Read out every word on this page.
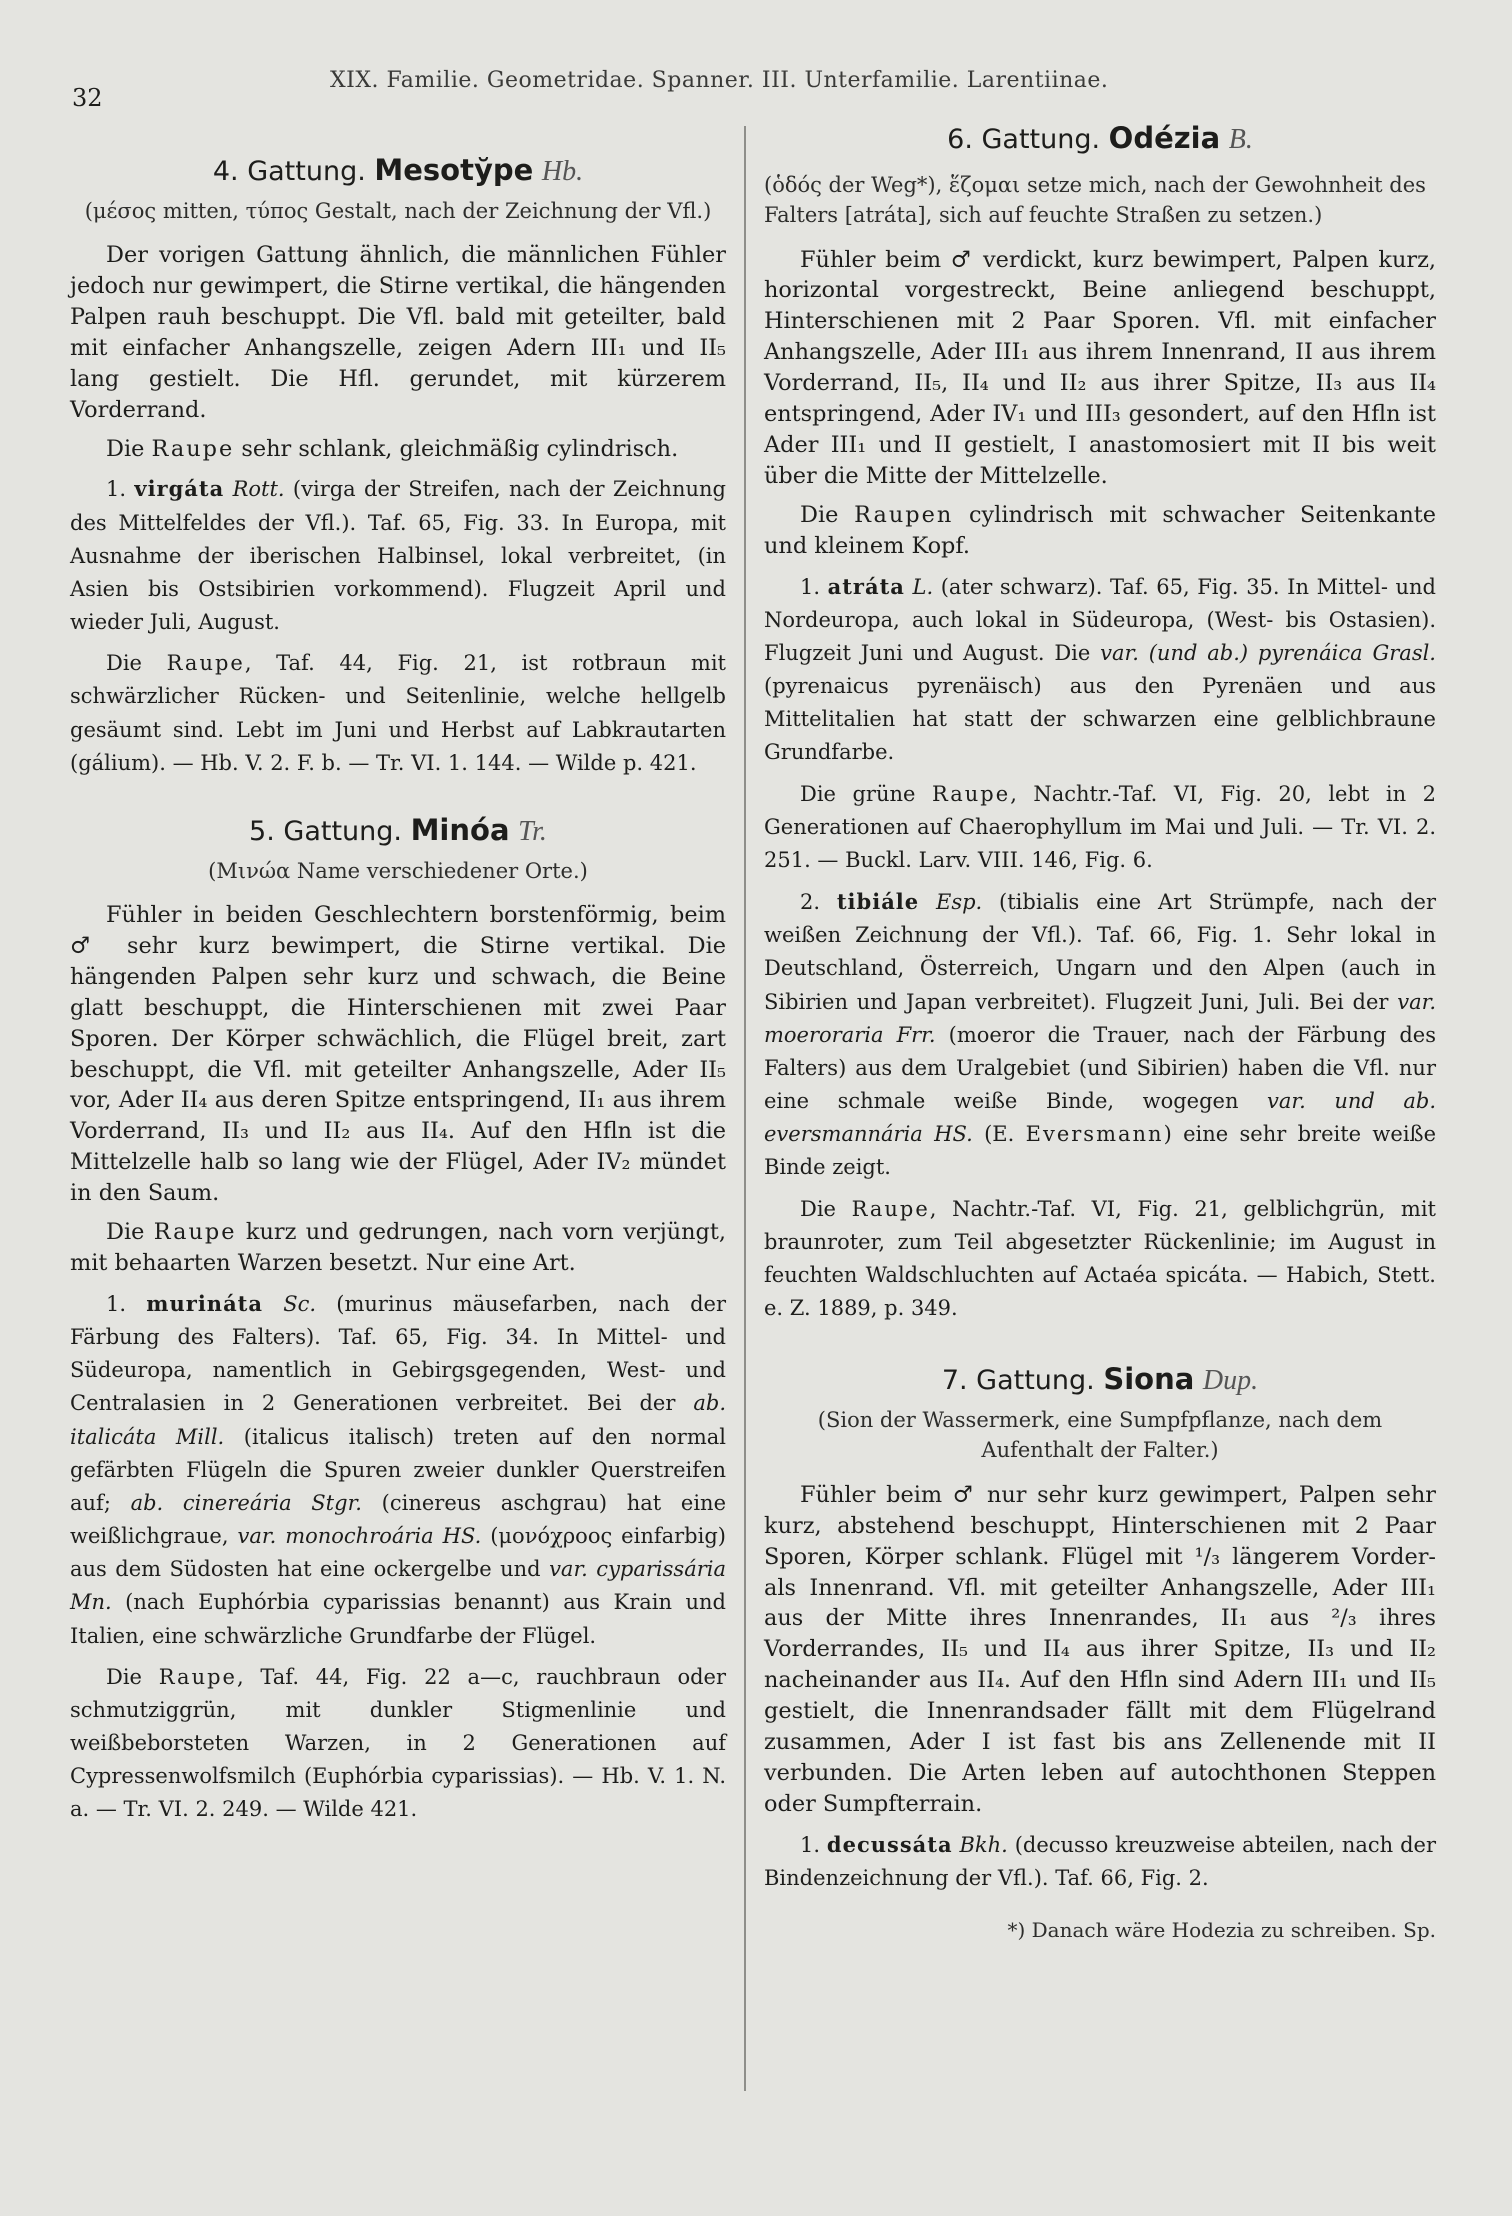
32
XIX. Familie. Geometridae. Spanner. III. Unterfamilie. Larentiinae.
4. Gattung. Mesotўpe Hb.
(μέσος mitten, τύπος Gestalt, nach der Zeichnung der Vfl.)

Der vorigen Gattung ähnlich, die männlichen Fühler jedoch nur gewimpert, die Stirne vertikal, die hängenden Palpen rauh beschuppt. Die Vfl. bald mit geteilter, bald mit einfacher Anhangszelle, zeigen Adern III₁ und II₅ lang gestielt. Die Hfl. gerundet, mit kürzerem Vorderrand.

Die Raupe sehr schlank, gleichmäßig cylindrisch.

1. virgáta Rott. (virga der Streifen, nach der Zeichnung des Mittelfeldes der Vfl.). Taf. 65, Fig. 33. In Europa, mit Ausnahme der iberischen Halbinsel, lokal verbreitet, (in Asien bis Ostsibirien vorkommend). Flugzeit April und wieder Juli, August.

Die Raupe, Taf. 44, Fig. 21, ist rotbraun mit schwärzlicher Rücken- und Seitenlinie, welche hellgelb gesäumt sind. Lebt im Juni und Herbst auf Labkrautarten (gálium). — Hb. V. 2. F. b. — Tr. VI. 1. 144. — Wilde p. 421.

5. Gattung. Minóa Tr.
(Μινώα Name verschiedener Orte.)

Fühler in beiden Geschlechtern borstenförmig, beim ♂ sehr kurz bewimpert, die Stirne vertikal. Die hängenden Palpen sehr kurz und schwach, die Beine glatt beschuppt, die Hinterschienen mit zwei Paar Sporen. Der Körper schwächlich, die Flügel breit, zart beschuppt, die Vfl. mit geteilter Anhangszelle, Ader II₅ vor, Ader II₄ aus deren Spitze entspringend, II₁ aus ihrem Vorderrand, II₃ und II₂ aus II₄. Auf den Hfln ist die Mittelzelle halb so lang wie der Flügel, Ader IV₂ mündet in den Saum.

Die Raupe kurz und gedrungen, nach vorn verjüngt, mit behaarten Warzen besetzt. Nur eine Art.

1. murináta Sc. (murinus mäusefarben, nach der Färbung des Falters). Taf. 65, Fig. 34. In Mittel- und Südeuropa, namentlich in Gebirgsgegenden, West- und Centralasien in 2 Generationen verbreitet. Bei der ab. italicáta Mill. (italicus italisch) treten auf den normal gefärbten Flügeln die Spuren zweier dunkler Querstreifen auf; ab. cinereária Stgr. (cinereus aschgrau) hat eine weißlichgraue, var. monochroária HS. (μονόχροος einfarbig) aus dem Südosten hat eine ockergelbe und var. cyparissária Mn. (nach Euphórbia cyparissias benannt) aus Krain und Italien, eine schwärzliche Grundfarbe der Flügel.

Die Raupe, Taf. 44, Fig. 22 a—c, rauchbraun oder schmutziggrün, mit dunkler Stigmenlinie und weißbeborsteten Warzen, in 2 Generationen auf Cypressenwolfsmilch (Euphórbia cyparissias). — Hb. V. 1. N. a. — Tr. VI. 2. 249. — Wilde 421.

6. Gattung. Odézia B.
(ὁδός der Weg*), ἕζομαι setze mich, nach der Gewohnheit des Falters [atráta], sich auf feuchte Straßen zu setzen.)

Fühler beim ♂ verdickt, kurz bewimpert, Palpen kurz, horizontal vorgestreckt, Beine anliegend beschuppt, Hinterschienen mit 2 Paar Sporen. Vfl. mit einfacher Anhangszelle, Ader III₁ aus ihrem Innenrand, II aus ihrem Vorderrand, II₅, II₄ und II₂ aus ihrer Spitze, II₃ aus II₄ entspringend, Ader IV₁ und III₃ gesondert, auf den Hfln ist Ader III₁ und II gestielt, I anastomosiert mit II bis weit über die Mitte der Mittelzelle.

Die Raupen cylindrisch mit schwacher Seitenkante und kleinem Kopf.

1. atráta L. (ater schwarz). Taf. 65, Fig. 35. In Mittel- und Nordeuropa, auch lokal in Südeuropa, (West- bis Ostasien). Flugzeit Juni und August. Die var. (und ab.) pyrenáica Grasl. (pyrenaicus pyrenäisch) aus den Pyrenäen und aus Mittelitalien hat statt der schwarzen eine gelblichbraune Grundfarbe.

Die grüne Raupe, Nachtr.-Taf. VI, Fig. 20, lebt in 2 Generationen auf Chaerophyllum im Mai und Juli. — Tr. VI. 2. 251. — Buckl. Larv. VIII. 146, Fig. 6.

2. tibiále Esp. (tibialis eine Art Strümpfe, nach der weißen Zeichnung der Vfl.). Taf. 66, Fig. 1. Sehr lokal in Deutschland, Österreich, Ungarn und den Alpen (auch in Sibirien und Japan verbreitet). Flugzeit Juni, Juli. Bei der var. moeroraria Frr. (moeror die Trauer, nach der Färbung des Falters) aus dem Uralgebiet (und Sibirien) haben die Vfl. nur eine schmale weiße Binde, wogegen var. und ab. eversmannária HS. (E. Eversmann) eine sehr breite weiße Binde zeigt.

Die Raupe, Nachtr.-Taf. VI, Fig. 21, gelblichgrün, mit braunroter, zum Teil abgesetzter Rückenlinie; im August in feuchten Waldschluchten auf Actaéa spicáta. — Habich, Stett. e. Z. 1889, p. 349.

7. Gattung. Siona Dup.
(Sion der Wassermerk, eine Sumpfpflanze, nach dem Aufenthalt der Falter.)

Fühler beim ♂ nur sehr kurz gewimpert, Palpen sehr kurz, abstehend beschuppt, Hinterschienen mit 2 Paar Sporen, Körper schlank. Flügel mit ¹/₃ längerem Vorder- als Innenrand. Vfl. mit geteilter Anhangszelle, Ader III₁ aus der Mitte ihres Innenrandes, II₁ aus ²/₃ ihres Vorderrandes, II₅ und II₄ aus ihrer Spitze, II₃ und II₂ nacheinander aus II₄. Auf den Hfln sind Adern III₁ und II₅ gestielt, die Innenrandsader fällt mit dem Flügelrand zusammen, Ader I ist fast bis ans Zellenende mit II verbunden. Die Arten leben auf autochthonen Steppen oder Sumpfterrain.

1. decussáta Bkh. (decusso kreuzweise abteilen, nach der Bindenzeichnung der Vfl.). Taf. 66, Fig. 2.

*) Danach wäre Hodezia zu schreiben. Sp.
